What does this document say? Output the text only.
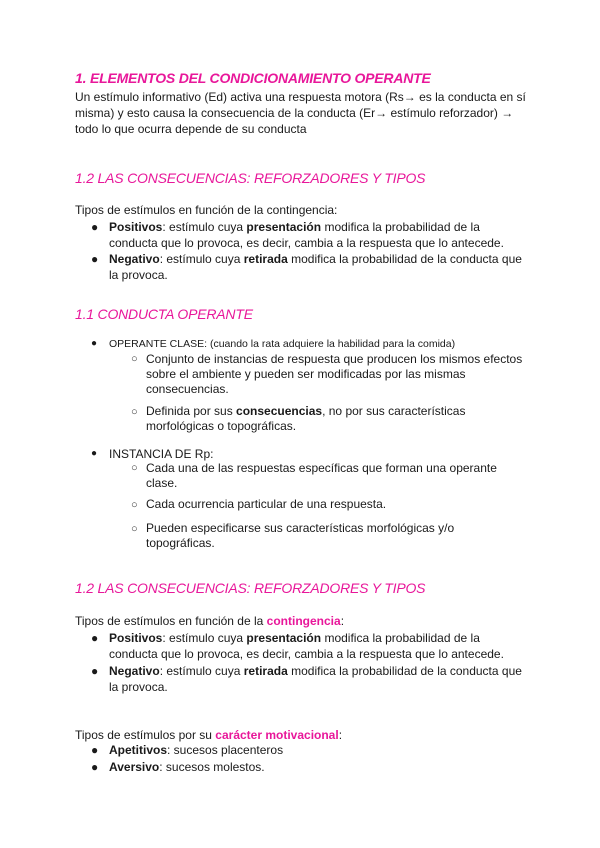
1. ELEMENTOS DEL CONDICIONAMIENTO OPERANTE

Un estímulo informativo (Ed) activa una respuesta motora (Rs→ es la conducta en sí
misma) y esto causa la consecuencia de la conducta (Er→ estímulo reforzador) →
todo lo que ocurra depende de su conducta

1.2 LAS CONSECUENCIAS: REFORZADORES Y TIPOS

Tipos de estímulos en función de la contingencia:

● Positivos: estímulo cuya presentación modifica la probabilidad de la
conducta que lo provoca, es decir, cambia a la respuesta que lo antecede.

● Negativo: estímulo cuya retirada modifica la probabilidad de la conducta que
la provoca.

1.1 CONDUCTA OPERANTE
● OPERANTE CLASE: (cuando la rata adquiere la habilidad para la comida)

○ Conjunto de instancias de respuesta que producen los mismos efectos
sobre el ambiente y pueden ser modificadas por las mismas
consecuencias.

○ Definida por sus consecuencias, no por sus características
morfológicas o topográficas.

● INSTANCIA DE Rp:

○ Cada una de las respuestas específicas que forman una operante
clase.

○ Cada ocurrencia particular de una respuesta.

○ Pueden especificarse sus características morfológicas y/o
topográficas.

1.2 LAS CONSECUENCIAS: REFORZADORES Y TIPOS

Tipos de estímulos en función de la contingencia:

● Positivos: estímulo cuya presentación modifica la probabilidad de la
conducta que lo provoca, es decir, cambia a la respuesta que lo antecede.

● Negativo: estímulo cuya retirada modifica la probabilidad de la conducta que
la provoca.

Tipos de estímulos por su carácter motivacional:

● Apetitivos: sucesos placenteros

● Aversivo: sucesos molestos.
